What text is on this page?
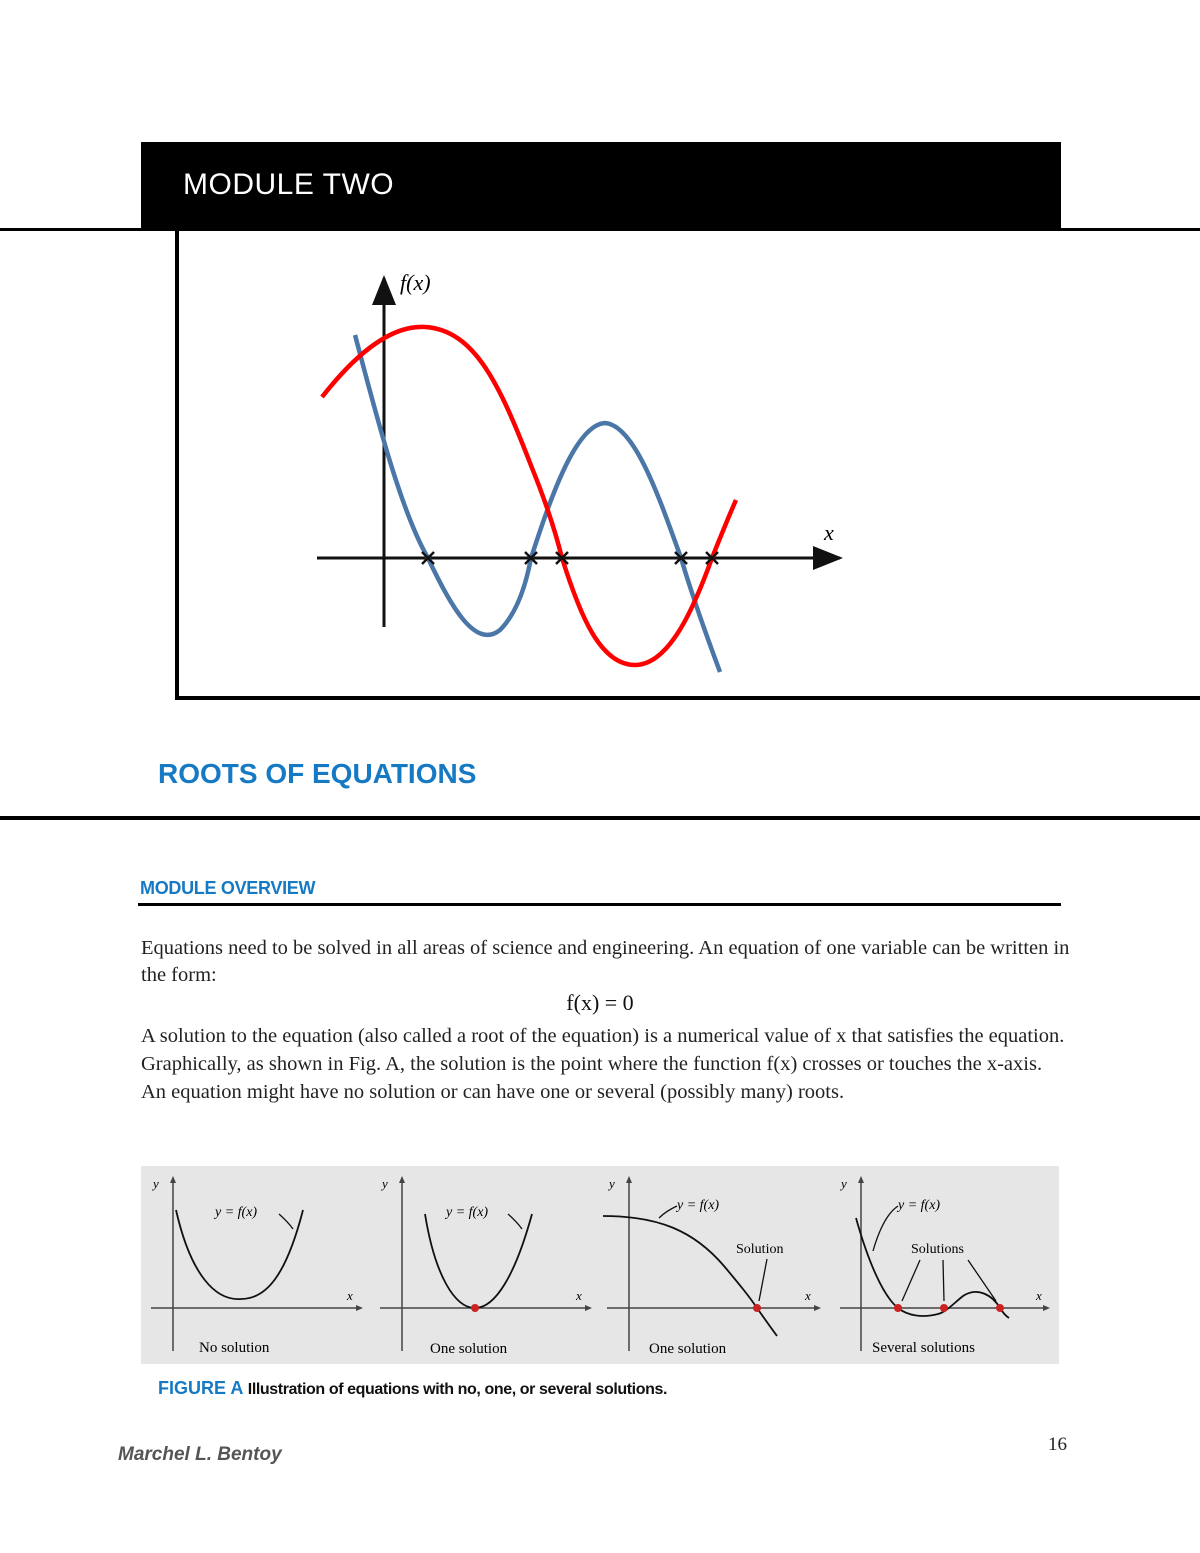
MODULE TWO
f(x)
x
ROOTS OF EQUATIONS
MODULE OVERVIEW
Equations need to be solved in all areas of science and engineering. An equation of one variable can be written in the form:
f(x) = 0
A solution to the equation (also called a root of the equation) is a numerical value of x that satisfies the equation. Graphically, as shown in Fig. A, the solution is the point where the function f(x) crosses or touches the x-axis. An equation might have no solution or can have one or several (possibly many) roots.
y
x
y = f(x)
No solution
y
x
y = f(x)
One solution
y
x
y = f(x)
Solution
One solution
y
x
y = f(x)
Solutions
Several solutions
FIGURE A Illustration of equations with no, one, or several solutions.
Marchel L. Bentoy	16
